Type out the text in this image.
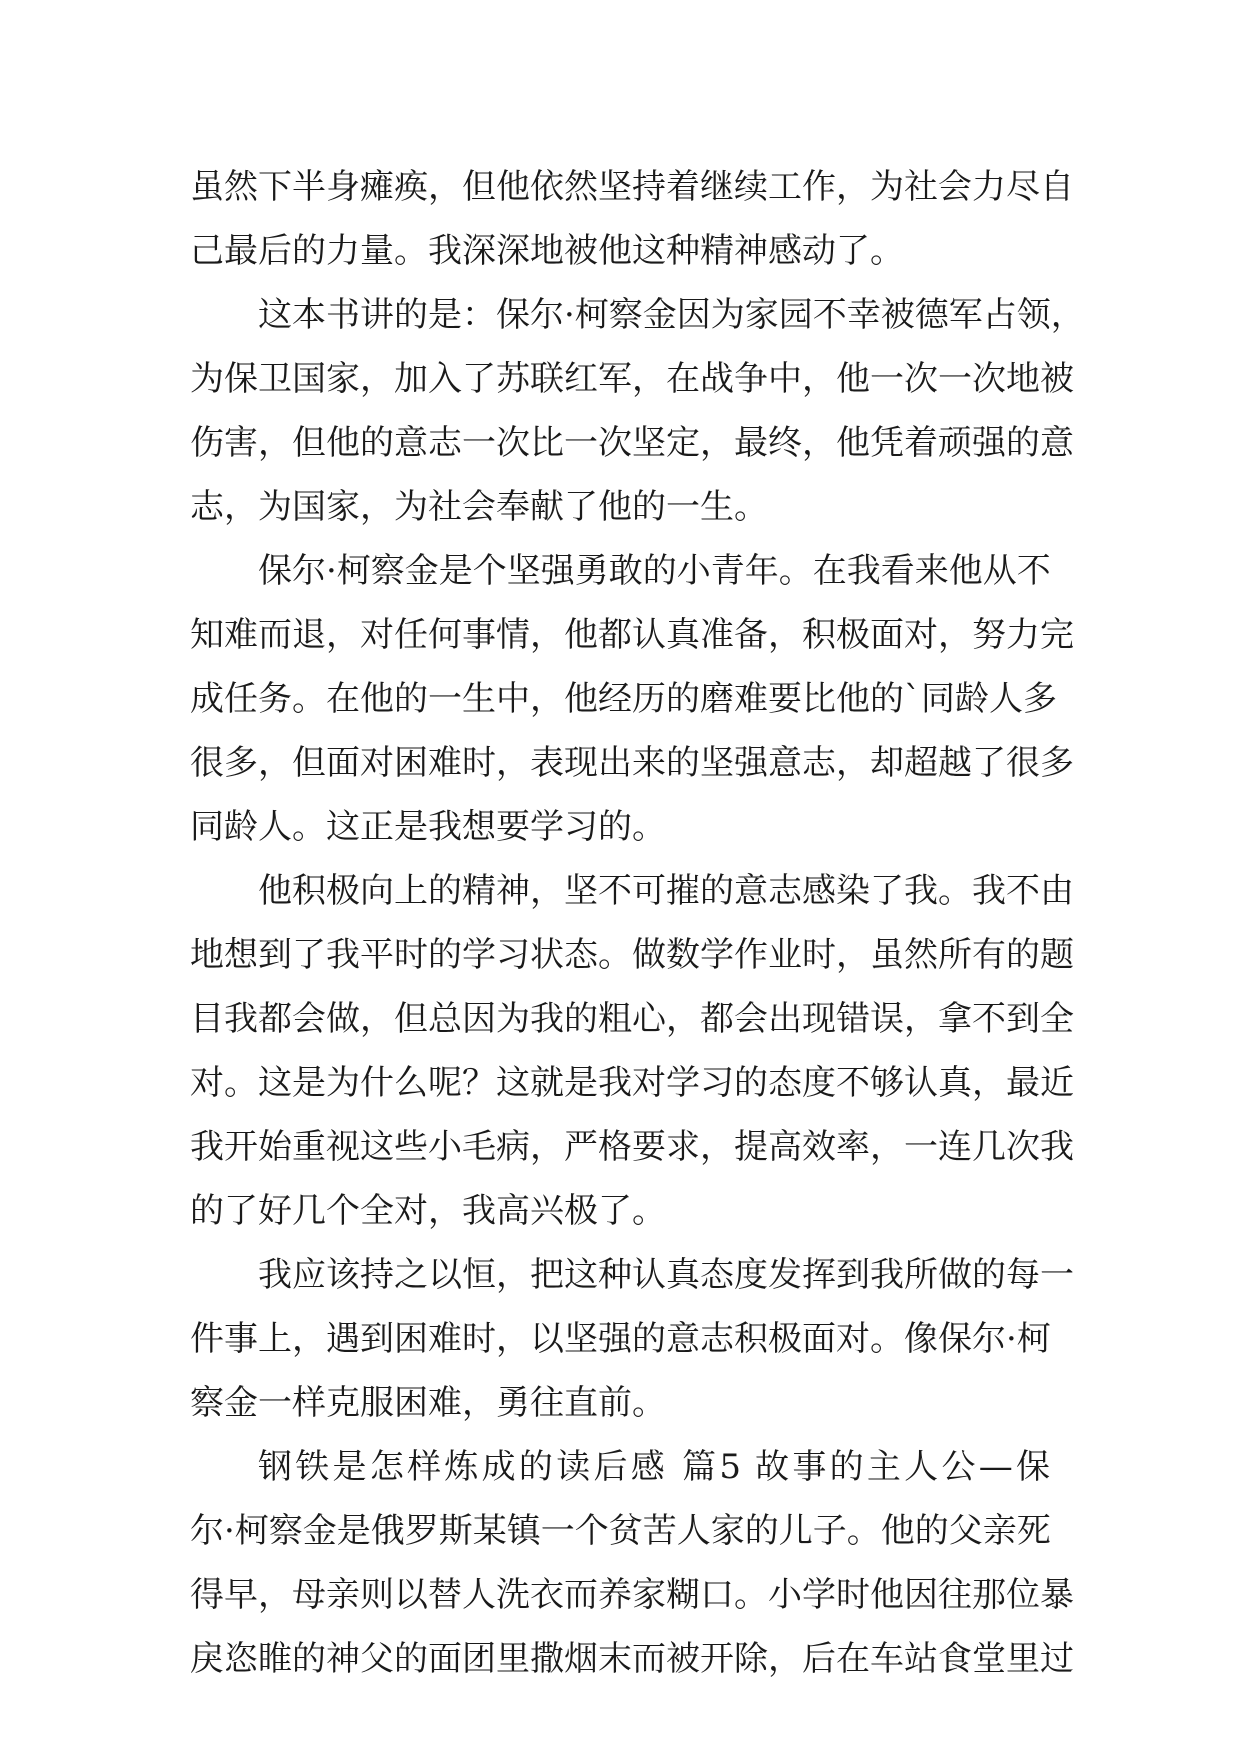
虽然下半身瘫痪，但他依然坚持着继续工作，为社会力尽自
己最后的力量。我深深地被他这种精神感动了。
这本书讲的是：保尔·柯察金因为家园不幸被德军占领，
为保卫国家，加入了苏联红军，在战争中，他一次一次地被
伤害，但他的意志一次比一次坚定，最终，他凭着顽强的意
志，为国家，为社会奉献了他的一生。
保尔·柯察金是个坚强勇敢的小青年。在我看来他从不
知难而退，对任何事情，他都认真准备，积极面对，努力完
成任务。在他的一生中，他经历的磨难要比他的`同龄人多
很多，但面对困难时，表现出来的坚强意志，却超越了很多
同龄人。这正是我想要学习的。
他积极向上的精神，坚不可摧的意志感染了我。我不由
地想到了我平时的学习状态。做数学作业时，虽然所有的题
目我都会做，但总因为我的粗心，都会出现错误，拿不到全
对。这是为什么呢？这就是我对学习的态度不够认真，最近
我开始重视这些小毛病，严格要求，提高效率，一连几次我
的了好几个全对，我高兴极了。
我应该持之以恒，把这种认真态度发挥到我所做的每一
件事上，遇到困难时，以坚强的意志积极面对。像保尔·柯
察金一样克服困难，勇往直前。
钢铁是怎样炼成的读后感 篇5 故事的主人公—保
尔·柯察金是俄罗斯某镇一个贫苦人家的儿子。他的父亲死
得早，母亲则以替人洗衣而养家糊口。小学时他因往那位暴
戾恣睢的神父的面团里撒烟末而被开除，后在车站食堂里过
